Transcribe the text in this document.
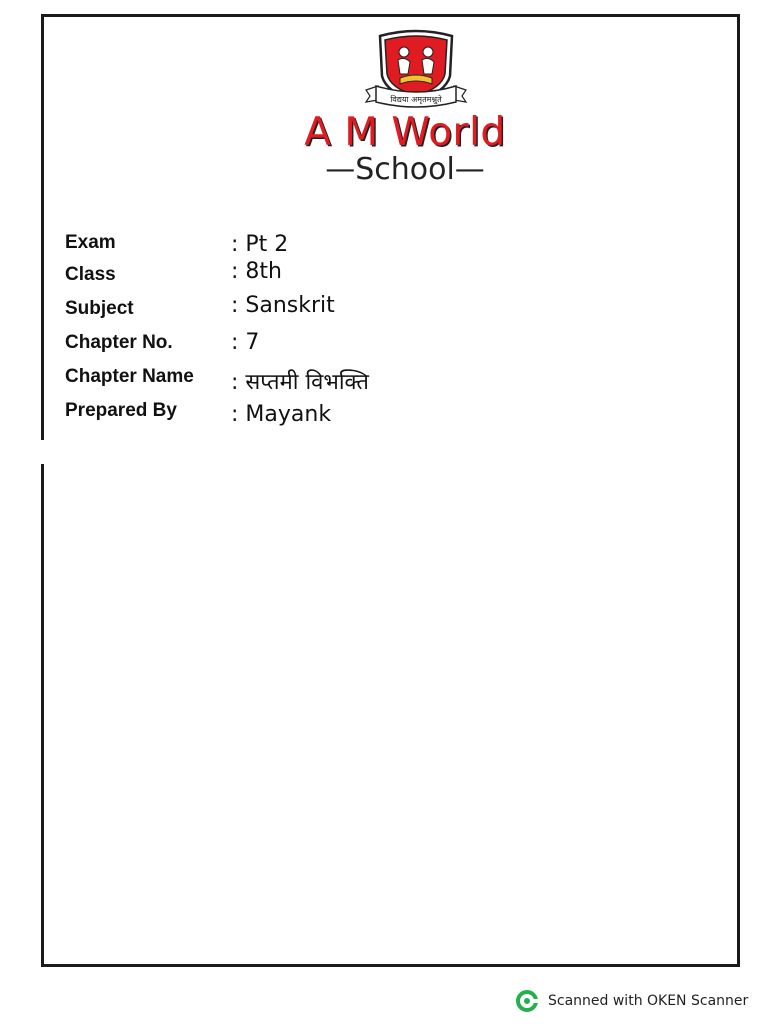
विद्यया अमृतमश्नुते
A M World
—School—
Exam	: Pt 2
Class	: 8th
Subject	: Sanskrit
Chapter No.	: 7
Chapter Name : सप्तमी विभक्ति
Prepared By : Mayank
Scanned with OKEN Scanner
